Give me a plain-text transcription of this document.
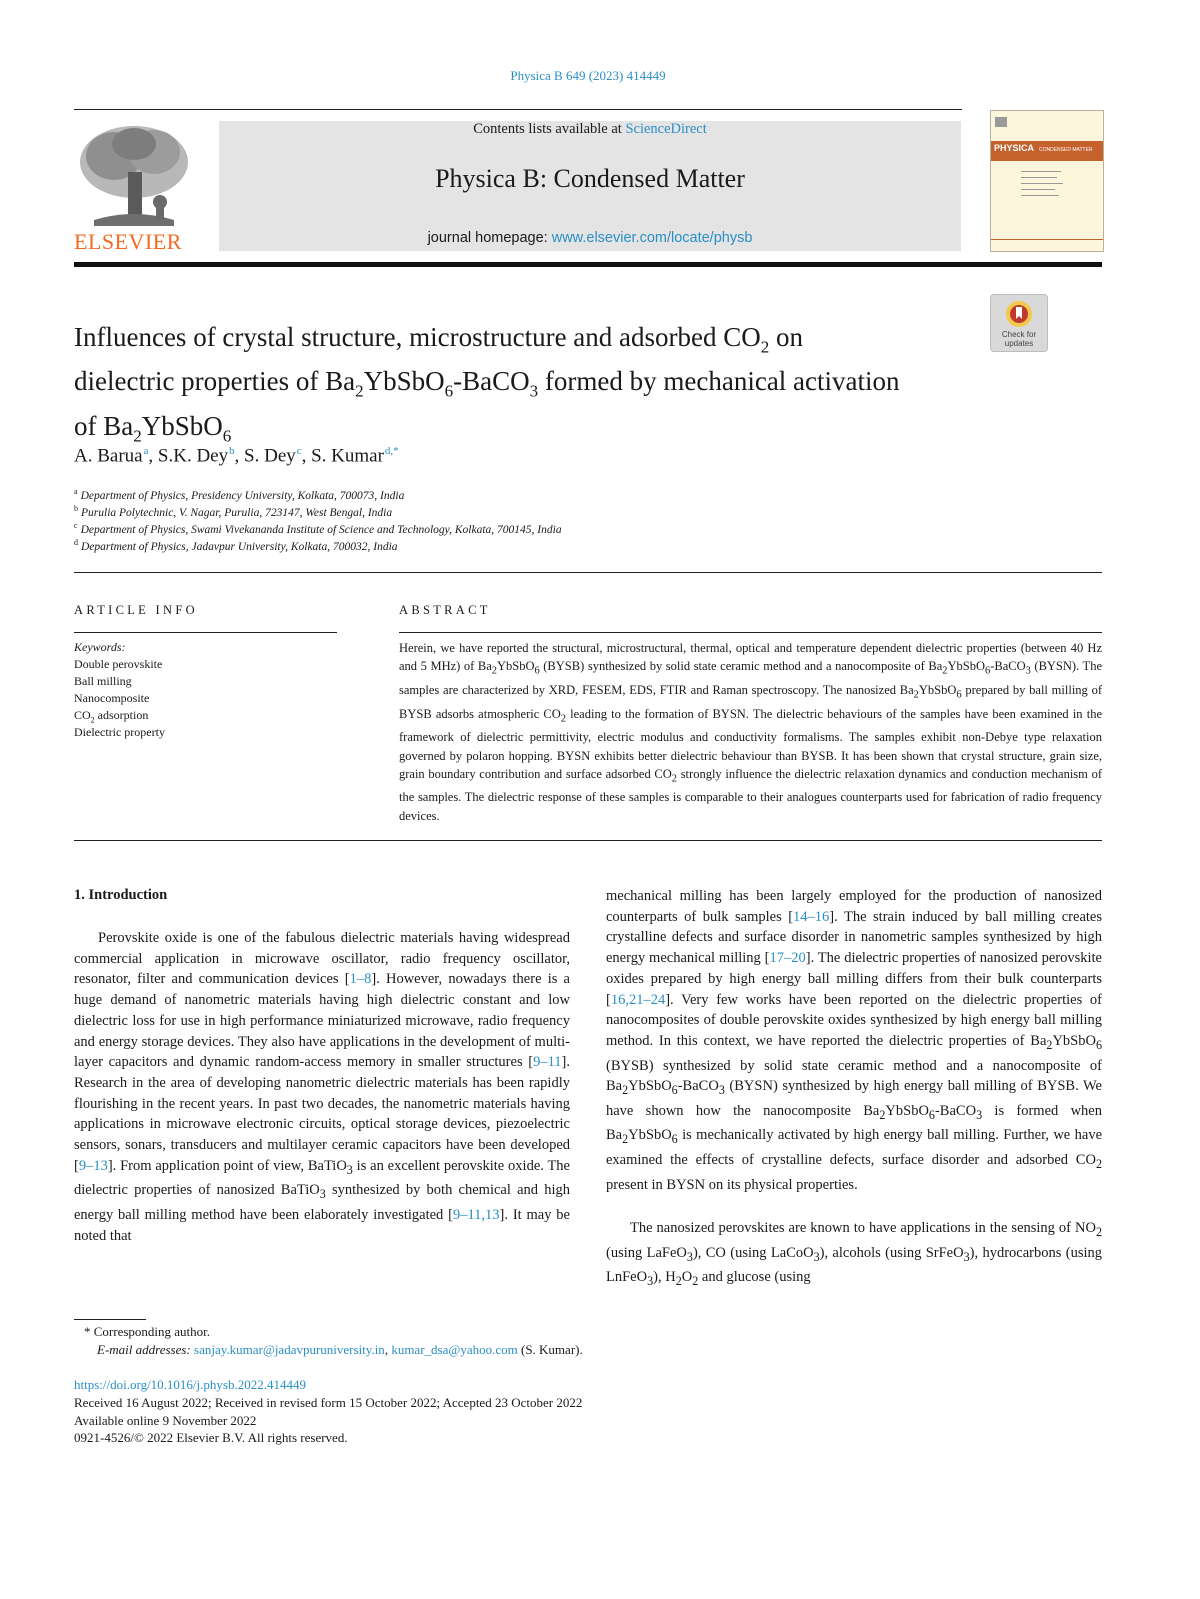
Physica B 649 (2023) 414449
ELSEVIER
Contents lists available at ScienceDirect
Physica B: Condensed Matter
journal homepage: www.elsevier.com/locate/physb
PHYSICA CONDENSED MATTER
Check for
updates
Influences of crystal structure, microstructure and adsorbed $CO_2$ on
dielectric properties of $Ba_2YbSbO_6-BaCO_3$ formed by mechanical activation
of $Ba_2YbSbO_6$
A. Barua $^a$, S.K. Dey $^b$, S. Dey $^c$, S. Kumar $^{d,*}$
$^a$ Department of Physics, Presidency University, Kolkata, 700073, India
$^b$ Purulia Polytechnic, V. Nagar, Purulia, 723147, West Bengal, India
$^c$ Department of Physics, Swami Vivekananda Institute of Science and Technology, Kolkata, 700145, India
$^d$ Department of Physics, Jadavpur University, Kolkata, 700032, India
ARTICLE INFO
Keywords:
Double perovskite
Ball milling
Nanocomposite
$CO_2$ adsorption
Dielectric property
ABSTRACT
Herein, we have reported the structural, microstructural, thermal, optical and temperature dependent dielectric properties (between 40 Hz and 5 MHz) of $Ba_2YbSbO_6$ (BYSB) synthesized by solid state ceramic method and a nanocomposite of $Ba_2YbSbO_6-BaCO_3$ (BYSN). The samples are characterized by XRD, FESEM, EDS, FTIR and Raman spectroscopy. The nanosized $Ba_2YbSbO_6$ prepared by ball milling of BYSB adsorbs atmospheric $CO_2$ leading to the formation of BYSN. The dielectric behaviours of the samples have been examined in the framework of dielectric permittivity, electric modulus and conductivity formalisms. The samples exhibit non-Debye type relaxation governed by polaron hopping. BYSN exhibits better dielectric behaviour than BYSB. It has been shown that crystal structure, grain size, grain boundary contribution and surface adsorbed $CO_2$ strongly influence the dielectric relaxation dynamics and conduction mechanism of the samples. The dielectric response of these samples is comparable to their analogues counterparts used for fabrication of radio frequency devices.
1. Introduction
Perovskite oxide is one of the fabulous dielectric materials having widespread commercial application in microwave oscillator, radio frequency oscillator, resonator, filter and communication devices [1–8]. However, nowadays there is a huge demand of nanometric materials having high dielectric constant and low dielectric loss for use in high performance miniaturized microwave, radio frequency and energy storage devices. They also have applications in the development of multi-layer capacitors and dynamic random-access memory in smaller structures [9–11]. Research in the area of developing nanometric dielectric materials has been rapidly flourishing in the recent years. In past two decades, the nanometric materials having applications in microwave electronic circuits, optical storage devices, piezoelectric sensors, sonars, transducers and multilayer ceramic capacitors have been developed [9–13]. From application point of view, BaTiO$_3$ is an excellent perovskite oxide. The dielectric properties of nanosized BaTiO$_3$ synthesized by both chemical and high energy ball milling method have been elaborately investigated [9–11,13]. It may be noted that
mechanical milling has been largely employed for the production of nanosized counterparts of bulk samples [14–16]. The strain induced by ball milling creates crystalline defects and surface disorder in nanometric samples synthesized by high energy mechanical milling [17–20]. The dielectric properties of nanosized perovskite oxides prepared by high energy ball milling differs from their bulk counterparts [16,21–24]. Very few works have been reported on the dielectric properties of nanocomposites of double perovskite oxides synthesized by high energy ball milling method. In this context, we have reported the dielectric properties of $Ba_2YbSbO_6$ (BYSB) synthesized by solid state ceramic method and a nanocomposite of $Ba_2YbSbO_6-BaCO_3$ (BYSN) synthesized by high energy ball milling of BYSB. We have shown how the nanocomposite $Ba_2YbSbO_6-BaCO_3$ is formed when $Ba_2YbSbO_6$ is mechanically activated by high energy ball milling. Further, we have examined the effects of crystalline defects, surface disorder and adsorbed $CO_2$ present in BYSN on its physical properties.
The nanosized perovskites are known to have applications in the sensing of $NO_2$ (using LaFeO$_3$), CO (using LaCoO$_3$), alcohols (using SrFeO$_3$), hydrocarbons (using LnFeO$_3$), $H_2O_2$ and glucose (using
* Corresponding author.
E-mail addresses: sanjay.kumar@jadavpuruniversity.in, kumar_dsa@yahoo.com (S. Kumar).
https://doi.org/10.1016/j.physb.2022.414449
Received 16 August 2022; Received in revised form 15 October 2022; Accepted 23 October 2022
Available online 9 November 2022
0921-4526/© 2022 Elsevier B.V. All rights reserved.
